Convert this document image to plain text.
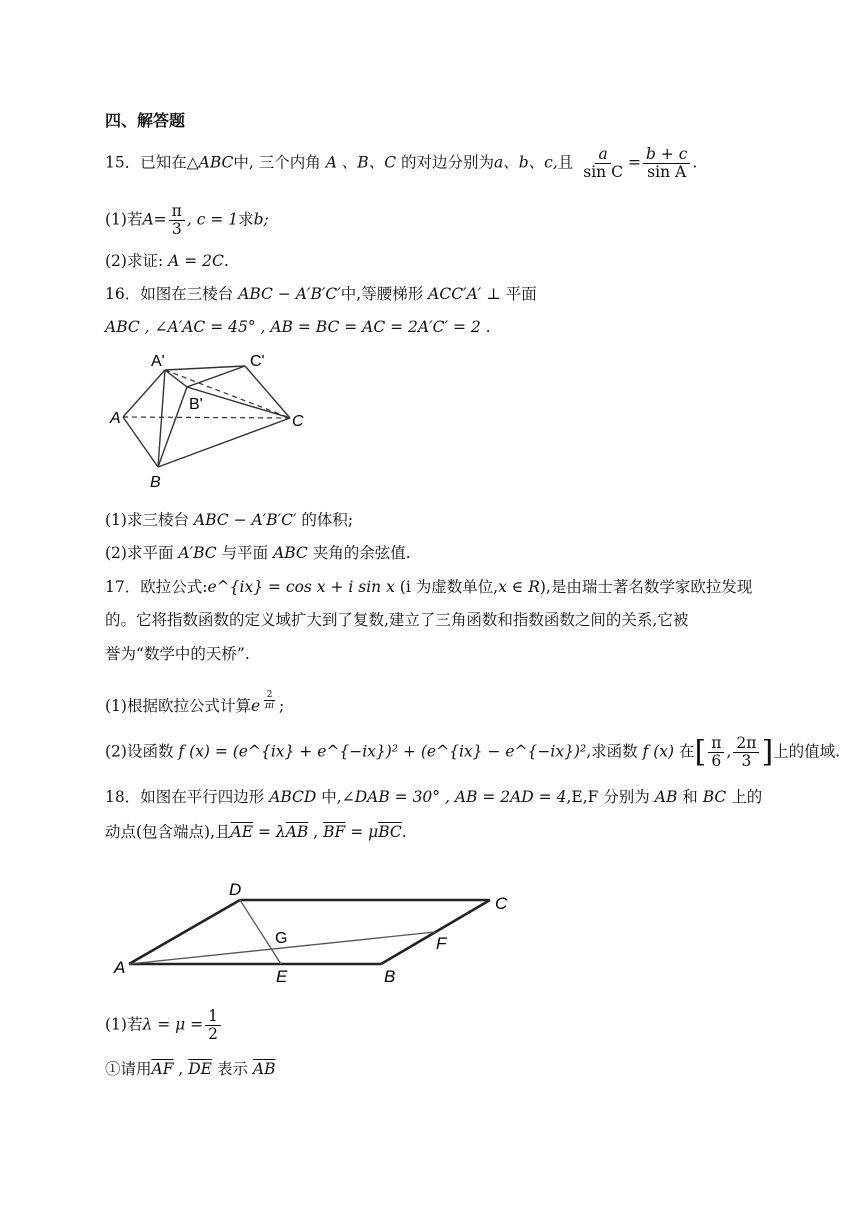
四、解答题
15．已知在△ABC中, 三个内角 A 、B、C 的对边分别为a、b、c,且 $\frac{a}{\text{sin C}} = \frac{b + c}{\text{sin A}}$ .
(1)若$A= \frac{\pi}{3}$ , c = 1求b;
(2)求证: A = 2C.
16．如图在三棱台 ABC − A′B′C′中,等腰梯形 ACC′A′ ⊥ 平面
ABC , ∠A′AC = 45° , AB = BC = AC = 2A′C′ = 2 .
A'	C'
B'
A	C
B
(1)求三棱台 ABC − A′B′C′ 的体积;
(2)求平面 A′BC 与平面 ABC 夹角的余弦值.
17．欧拉公式:e^{ix} = cos x + i sin x (i 为虚数单位,x ∈ R),是由瑞士著名数学家欧拉发现
的。它将指数函数的定义域扩大到了复数,建立了三角函数和指数函数之间的关系,它被
誉为“数学中的天桥”.
(1)根据欧拉公式计算e $^{\frac{2}{\pi i}}$ ;
(2)设函数 f (x) = (e^{ix} + e^{−ix})² + (e^{ix} − e^{−ix})²,求函数 f (x) 在[ $\frac{\pi}{6}$ , $\frac{2\pi}{3}$ ]上的值域.
18．如图在平行四边形 ABCD 中,∠DAB = 30° , AB = 2AD = 4,E,F 分别为 AB 和 BC 上的
动点(包含端点),且$\overline{AE} = \lambda\overline{AB}$ , $\overline{BF} = \mu\overline{BC}$.
D
C
G	F
A	E	B
(1)若$\lambda = \mu = \frac{1}{2}$
①请用$\overline{AF}$ , $\overline{DE}$ 表示 $\overline{AB}$
